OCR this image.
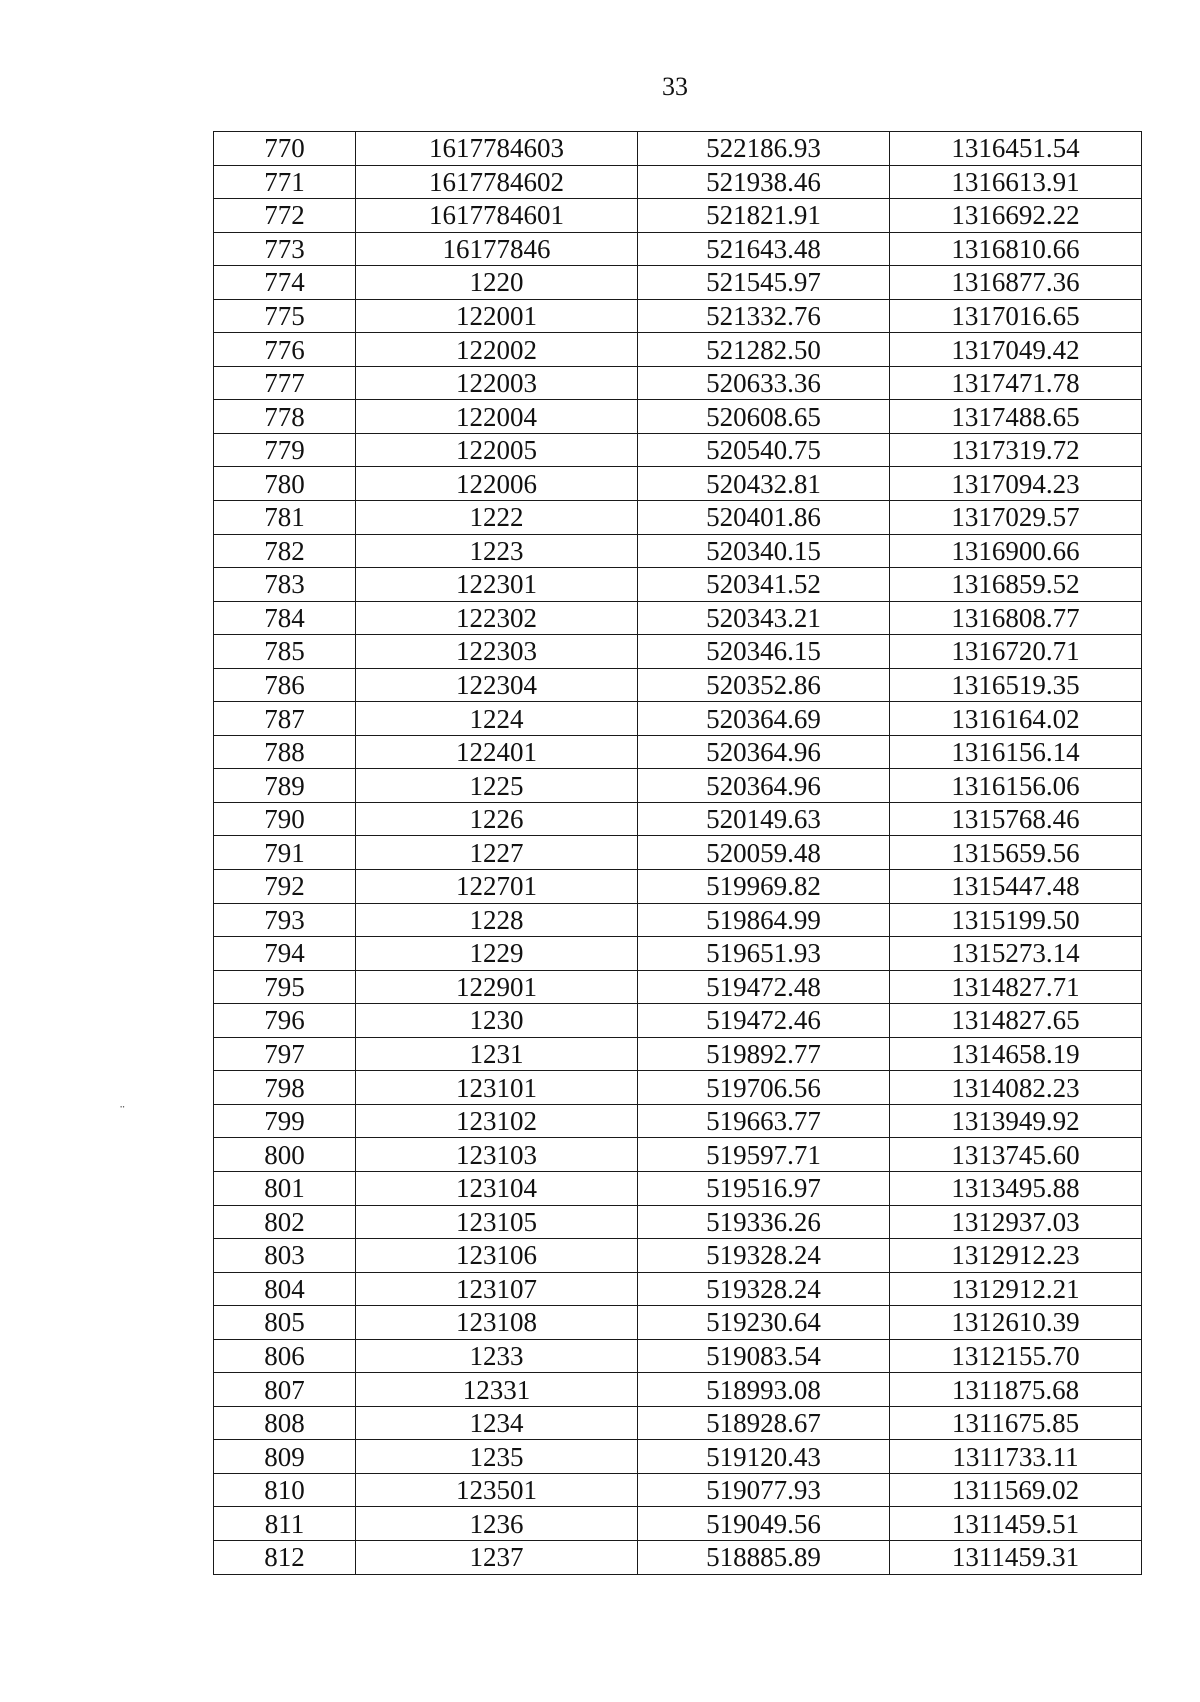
33
¨
770	1617784603	522186.93	1316451.54
771	1617784602	521938.46	1316613.91
772	1617784601	521821.91	1316692.22
773	16177846	521643.48	1316810.66
774	1220	521545.97	1316877.36
775	122001	521332.76	1317016.65
776	122002	521282.50	1317049.42
777	122003	520633.36	1317471.78
778	122004	520608.65	1317488.65
779	122005	520540.75	1317319.72
780	122006	520432.81	1317094.23
781	1222	520401.86	1317029.57
782	1223	520340.15	1316900.66
783	122301	520341.52	1316859.52
784	122302	520343.21	1316808.77
785	122303	520346.15	1316720.71
786	122304	520352.86	1316519.35
787	1224	520364.69	1316164.02
788	122401	520364.96	1316156.14
789	1225	520364.96	1316156.06
790	1226	520149.63	1315768.46
791	1227	520059.48	1315659.56
792	122701	519969.82	1315447.48
793	1228	519864.99	1315199.50
794	1229	519651.93	1315273.14
795	122901	519472.48	1314827.71
796	1230	519472.46	1314827.65
797	1231	519892.77	1314658.19
798	123101	519706.56	1314082.23
799	123102	519663.77	1313949.92
800	123103	519597.71	1313745.60
801	123104	519516.97	1313495.88
802	123105	519336.26	1312937.03
803	123106	519328.24	1312912.23
804	123107	519328.24	1312912.21
805	123108	519230.64	1312610.39
806	1233	519083.54	1312155.70
807	12331	518993.08	1311875.68
808	1234	518928.67	1311675.85
809	1235	519120.43	1311733.11
810	123501	519077.93	1311569.02
811	1236	519049.56	1311459.51
812	1237	518885.89	1311459.31
